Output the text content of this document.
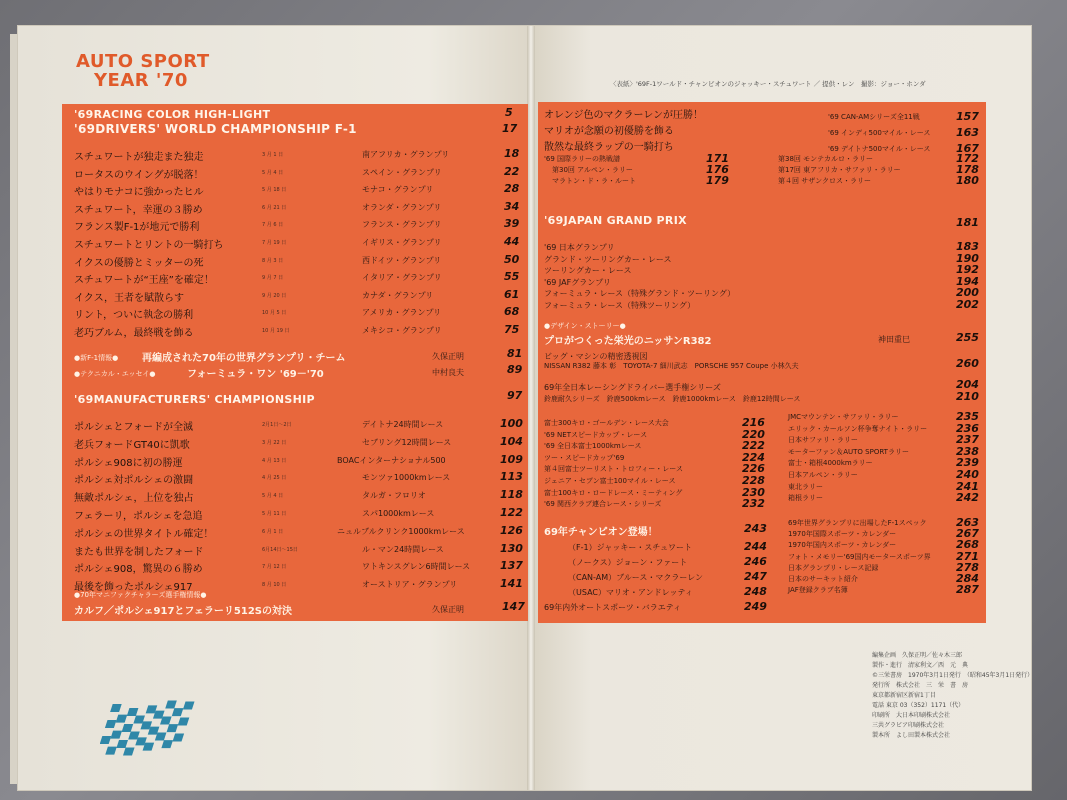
AUTO SPORT
YEAR '70	〈表紙〉'69F-1ワールド・チャンピオンのジャッキー・スチュワート ／ 提供・レン　撮影：ジョー・ホンダ
'69RACING COLOR HIGH-LIGHT	5
'69DRIVERS' WORLD CHAMPIONSHIP F-1	17
スチュワートが独走また独走	3 月 1 日	南アフリカ・グランプリ	18
ロータスのウイングが脱落！	5 月 4 日	スペイン・グランプリ	22
やはりモナコに強かったヒル	5 月 18 日	モナコ・グランプリ	28
スチュワート，幸運の３勝め	6 月 21 日	オランダ・グランプリ	34
フランス製F-1が地元で勝利	7 月 6 日	フランス・グランプリ	39
スチュワートとリントの一騎打ち	7 月 19 日	イギリス・グランプリ	44
イクスの優勝とミッターの死	8 月 3 日	西ドイツ・グランプリ	50
スチュワートが“王座”を確定！	9 月 7 日	イタリア・グランプリ	55
イクス，王者を賦散らす	9 月 20 日	カナダ・グランプリ	61
リント，ついに執念の勝利	10 月 5 日	アメリカ・グランプリ	68
老巧ブルム，最終戦を飾る	10 月 19 日	メキシコ・グランプリ	75
●新F-1情報● 再編成された70年の世界グランプリ・チーム	久保正明	81
●テクニカル・エッセイ●	フォーミュラ・ワン '69－'70	中村良夫	89
'69MANUFACTURERS' CHAMPIONSHIP	97
ポルシェとフォードが全滅	2月1日〜2日	デイトナ24時間レース	100
老兵フォードGT40に凱歌	3 月 22 日	セブリング12時間レース	104
ポルシェ908に初の勝運	4 月 13 日	BOACインターナショナル500	109
ポルシェ対ポルシェの激闘	4 月 25 日	モンツァ1000kmレース	113
無敵ポルシェ，上位を独占	5 月 4 日	タルガ・フロリオ	118
フェラーリ，ポルシェを急追	5 月 11 日	スパ1000kmレース	122
ポルシェの世界タイトル確定！	6 月 1 日	ニュルブルクリンク1000kmレース	126
またも世界を制したフォード	6月14日〜15日	ル・マン24時間レース	130
ポルシェ908，驚異の６勝め	7 月 12 日	ワトキンスグレン6時間レース	137
最後を飾ったポルシェ917	8 月 10 日	オーストリア・グランプリ	141
●70年マニファクチャラーズ選手権情報●
カルフ／ポルシェ917とフェラーリ512Sの対決	久保正明	147
オレンジ色のマクラーレンが圧勝！
マリオが念願の初優勝を飾る
散然な最終ラップの一騎打ち
'69 CAN-AMシリーズ全11戦	157
'69 インディ500マイル・レース 163
'69 デイトナ500マイル・レース 167
'69 国際ラリーの熱戦譜	171
第30回 アルペン・ラリー	176
マラトン・ド・ラ・ルート	179
第38回 モンテカルロ・ラリー	172
第17回 東アフリカ・サファリ・ラリー	178
第４回 サザンクロス・ラリー	180
'69JAPAN GRAND PRIX	181
'69 日本グランプリ	183
グランド・ツーリングカー・レース	190
ツーリングカー・レース	192
'69 JAFグランプリ	194
フォーミュラ・レース（特殊グランド・ツーリング）	200
フォーミュラ・レース（特殊ツーリング）	202
●デザイン・ストーリー●
プロがつくった栄光のニッサンR382	神田重巳	255
ビッグ・マシンの精密透視図
NISSAN R382 藤本 彰　TOYOTA-7 細川武志　PORSCHE 957 Coupe 小林久夫	260
69年全日本レーシングドライバー選手権シリーズ	204
鈴鹿耐久シリーズ　鈴鹿500kmレース　鈴鹿1000kmレース　鈴鹿12時間レース	210
富士300キロ・ゴールデン・レース大会	216
'69 NETスピードカップ・レース	220
'69 全日本富士1000kmレース	222
ツー・スピードカップ'69	224
第４回富士ツーリスト・トロフィー・レース	226
ジェニア・セブン富士100マイル・レース	228
富士100キロ・ロードレース・ミーティング	230
'69 関西クラブ連合レース・シリーズ	232
JMCマウンテン・サファリ・ラリー	235
エリック・カールソン杯争奪ナイト・ラリー	236
日本サファリ・ラリー	237
モーターファン＆AUTO SPORTラリー	238
富士・箱根4000kmラリー	239
日本アルペン・ラリー	240
東北ラリー	241
箱根ラリー	242
69年チャンピオン登場！	243
（F-1）ジャッキー・スチュワート	244
（ノークス）ジョーン・ファート	246
（CAN-AM）ブルース・マクラーレン	247
（USAC）マリオ・アンドレッティ	248
69年内外オートスポーツ・バラエティ	249
69年世界グランプリに出場したF-1スペック	263
1970年国際スポーツ・カレンダー	267
1970年国内スポーツ・カレンダー	268
フォト・メモリー'69国内モータースポーツ界 271
日本グランプリ・レース記録	278
日本のサーキット紹介	284
JAF登録クラブ名簿	287
編集企画　久保正明／佐々木三郎
製作・進行　清家利文／西　元　典
©三栄書房　1970年3月1日発行　（昭和45年3月1日発行）
発行所　株式会社　三　栄　書　房
東京都新宿区新宿1丁目
電話 東京 03（352）1171（代）
印刷所　大日本印刷株式会社
三共グラビア印刷株式会社
製本所　よし田製本株式会社
